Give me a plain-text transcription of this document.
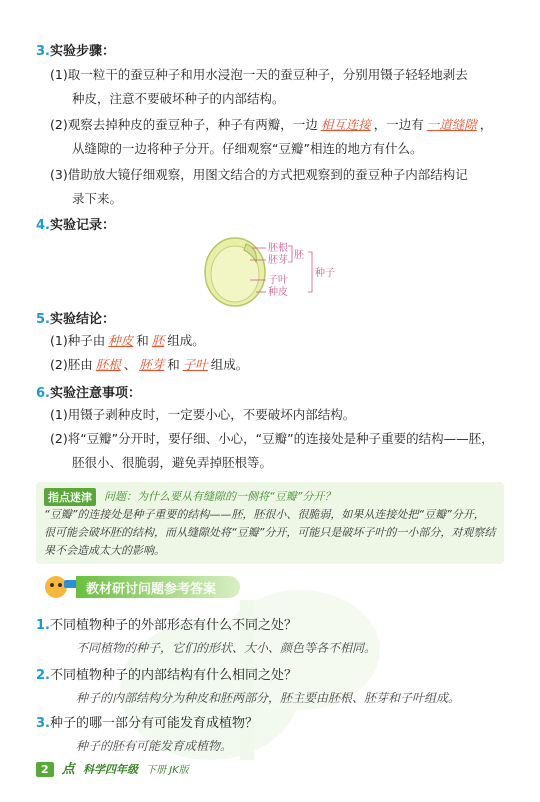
3.实验步骤：
(1)取一粒干的蚕豆种子和用水浸泡一天的蚕豆种子，分别用镊子轻轻地剥去
种皮，注意不要破坏种子的内部结构。
(2)观察去掉种皮的蚕豆种子，种子有两瓣，一边 相互连接 ，一边有 一道缝隙 ，
从缝隙的一边将种子分开。仔细观察“豆瓣”相连的地方有什么。
(3)借助放大镜仔细观察，用图文结合的方式把观察到的蚕豆种子内部结构记
录下来。
4.实验记录：
胚根
胚芽
子叶
种皮
胚
种子
5.实验结论：
(1)种子由 种皮 和 胚 组成。
(2)胚由 胚根 、 胚芽 和 子叶 组成。
6.实验注意事项：
(1)用镊子剥种皮时，一定要小心，不要破坏内部结构。
(2)将“豆瓣”分开时，要仔细、小心，“豆瓣”的连接处是种子重要的结构——胚，
胚很小、很脆弱，避免弄掉胚根等。
指点迷津	问题：为什么要从有缝隙的一侧将“豆瓣”分开？
“豆瓣”的连接处是种子重要的结构——胚，胚很小、很脆弱，如果从连接处把“豆瓣”分开，
很可能会破坏胚的结构，而从缝隙处将“豆瓣”分开，可能只是破坏子叶的一小部分，对观察结
果不会造成太大的影响。
教材研讨问题参考答案
1.不同植物种子的外部形态有什么不同之处？
不同植物的种子，它们的形状、大小、颜色等各不相同。
2.不同植物种子的内部结构有什么相同之处？
种子的内部结构分为种皮和胚两部分，胚主要由胚根、胚芽和子叶组成。
3.种子的哪一部分有可能发育成植物？
种子的胚有可能发育成植物。
2 点 科学四年级 下册 JK版
